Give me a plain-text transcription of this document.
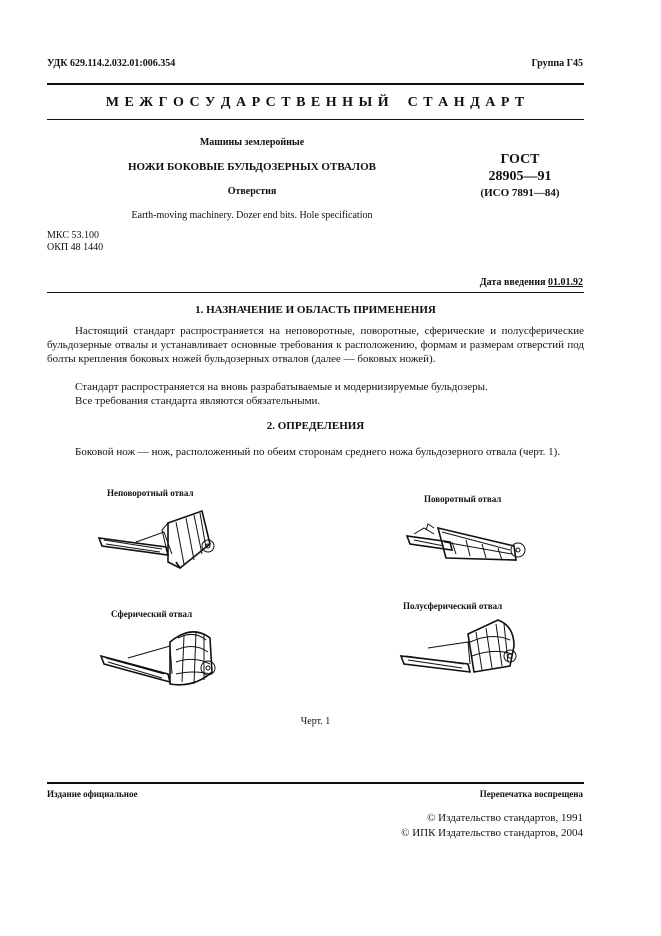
УДК 629.114.2.032.01:006.354	Группа Г45
М Е Ж Г О С У Д А Р С Т В Е Н Н Ы Й    С Т А Н Д А Р Т
Машины землеройные
НОЖИ БОКОВЫЕ БУЛЬДОЗЕРНЫХ ОТВАЛОВ
Отверстия
Earth-moving machinery. Dozer end bits. Hole specification
ГОСТ
28905—91
(ИСО 7891—84)
МКС 53.100
ОКП 48 1440
Дата введения 01.01.92
1. НАЗНАЧЕНИЕ И ОБЛАСТЬ ПРИМЕНЕНИЯ
Настоящий стандарт распространяется на неповоротные, поворотные, сферические и полусферические бульдозерные отвалы и устанавливает основные требования к расположению, формам и размерам отверстий под болты крепления боковых ножей бульдозерных отвалов (далее — боковых ножей).
Стандарт распространяется на вновь разрабатываемые и модернизируемые бульдозеры.
Все требования стандарта являются обязательными.
2. ОПРЕДЕЛЕНИЯ
Боковой нож — нож, расположенный по обеим сторонам среднего ножа бульдозерного отвала (черт. 1).
Неповоротный отвал
Поворотный отвал
Сферический отвал
Полусферический отвал
Черт. 1
Издание официальное	Перепечатка воспрещена
© Издательство стандартов, 1991
© ИПК Издательство стандартов, 2004
